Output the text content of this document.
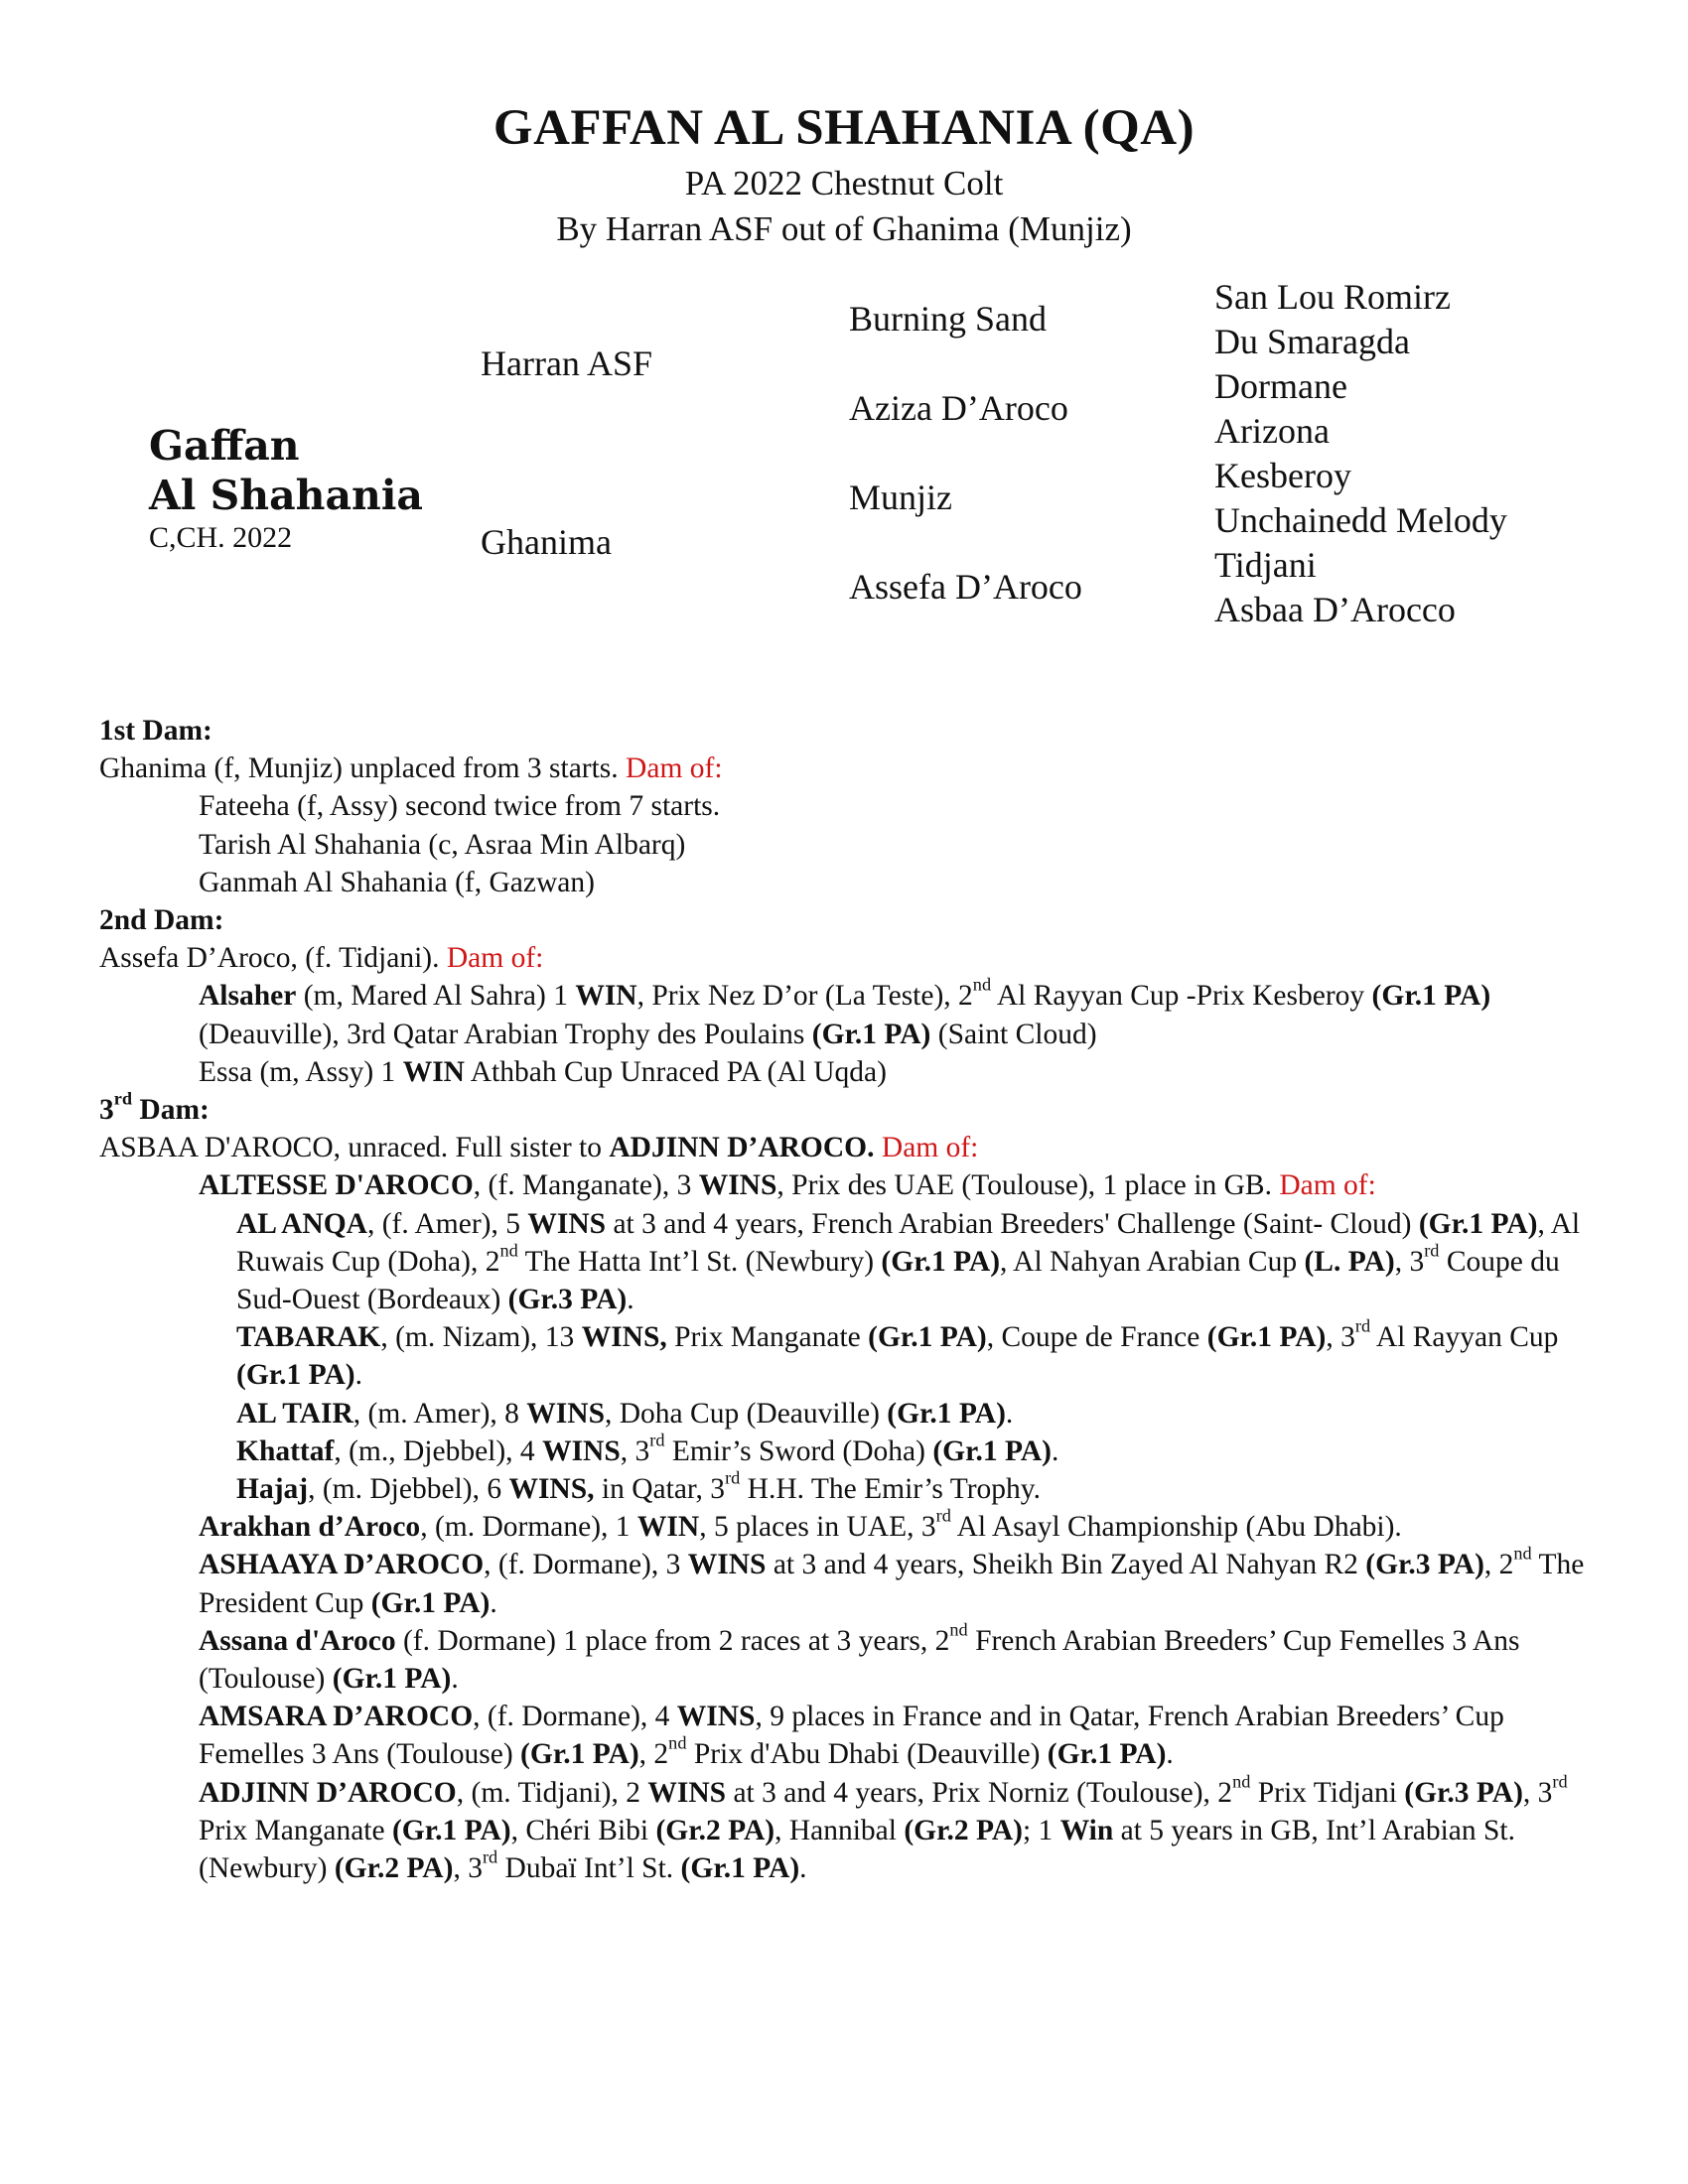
GAFFAN AL SHAHANIA (QA)
PA 2022 Chestnut Colt
By Harran ASF out of Ghanima (Munjiz)
Gaffan
Al Shahania
C,CH. 2022
Harran ASF
Ghanima
Burning Sand
Aziza D’Aroco
Munjiz
Assefa D’Aroco
San Lou Romirz
Du Smaragda
Dormane
Arizona
Kesberoy
Unchainedd Melody
Tidjani
Asbaa D’Arocco

1st Dam:

Ghanima (f, Munjiz) unplaced from 3 starts. Dam of:

Fateeha (f, Assy) second twice from 7 starts.

Tarish Al Shahania (c, Asraa Min Albarq)

Ganmah Al Shahania (f, Gazwan)

2nd Dam:

Assefa D’Aroco, (f. Tidjani). Dam of:

Alsaher (m, Mared Al Sahra) 1 WIN, Prix Nez D’or (La Teste), 2nd Al Rayyan Cup -Prix Kesberoy (Gr.1 PA) (Deauville), 3rd Qatar Arabian Trophy des Poulains (Gr.1 PA) (Saint Cloud)

Essa (m, Assy) 1 WIN Athbah Cup Unraced PA (Al Uqda)

3rd Dam:

ASBAA D'AROCO, unraced. Full sister to ADJINN D’AROCO. Dam of:

ALTESSE D'AROCO, (f. Manganate), 3 WINS, Prix des UAE (Toulouse), 1 place in GB. Dam of:

AL ANQA, (f. Amer), 5 WINS at 3 and 4 years, French Arabian Breeders' Challenge (Saint- Cloud) (Gr.1 PA), Al Ruwais Cup (Doha), 2nd The Hatta Int’l St. (Newbury) (Gr.1 PA), Al Nahyan Arabian Cup (L. PA), 3rd Coupe du Sud-Ouest (Bordeaux) (Gr.3 PA).

TABARAK, (m. Nizam), 13 WINS, Prix Manganate (Gr.1 PA), Coupe de France (Gr.1 PA), 3rd Al Rayyan Cup (Gr.1 PA).

AL TAIR, (m. Amer), 8 WINS, Doha Cup (Deauville) (Gr.1 PA).

Khattaf, (m., Djebbel), 4 WINS, 3rd Emir’s Sword (Doha) (Gr.1 PA).

Hajaj, (m. Djebbel), 6 WINS, in Qatar, 3rd H.H. The Emir’s Trophy.

Arakhan d’Aroco, (m. Dormane), 1 WIN, 5 places in UAE, 3rd Al Asayl Championship (Abu Dhabi).

ASHAAYA D’AROCO, (f. Dormane), 3 WINS at 3 and 4 years, Sheikh Bin Zayed Al Nahyan R2 (Gr.3 PA), 2nd The President Cup (Gr.1 PA).

Assana d'Aroco (f. Dormane) 1 place from 2 races at 3 years, 2nd French Arabian Breeders’ Cup Femelles 3 Ans (Toulouse) (Gr.1 PA).

AMSARA D’AROCO, (f. Dormane), 4 WINS, 9 places in France and in Qatar, French Arabian Breeders’ Cup Femelles 3 Ans (Toulouse) (Gr.1 PA), 2nd Prix d'Abu Dhabi (Deauville) (Gr.1 PA).

ADJINN D’AROCO, (m. Tidjani), 2 WINS at 3 and 4 years, Prix Norniz (Toulouse), 2nd Prix Tidjani (Gr.3 PA), 3rd Prix Manganate (Gr.1 PA), Chéri Bibi (Gr.2 PA), Hannibal (Gr.2 PA); 1 Win at 5 years in GB, Int’l Arabian St. (Newbury) (Gr.2 PA), 3rd Dubaï Int’l St. (Gr.1 PA).
